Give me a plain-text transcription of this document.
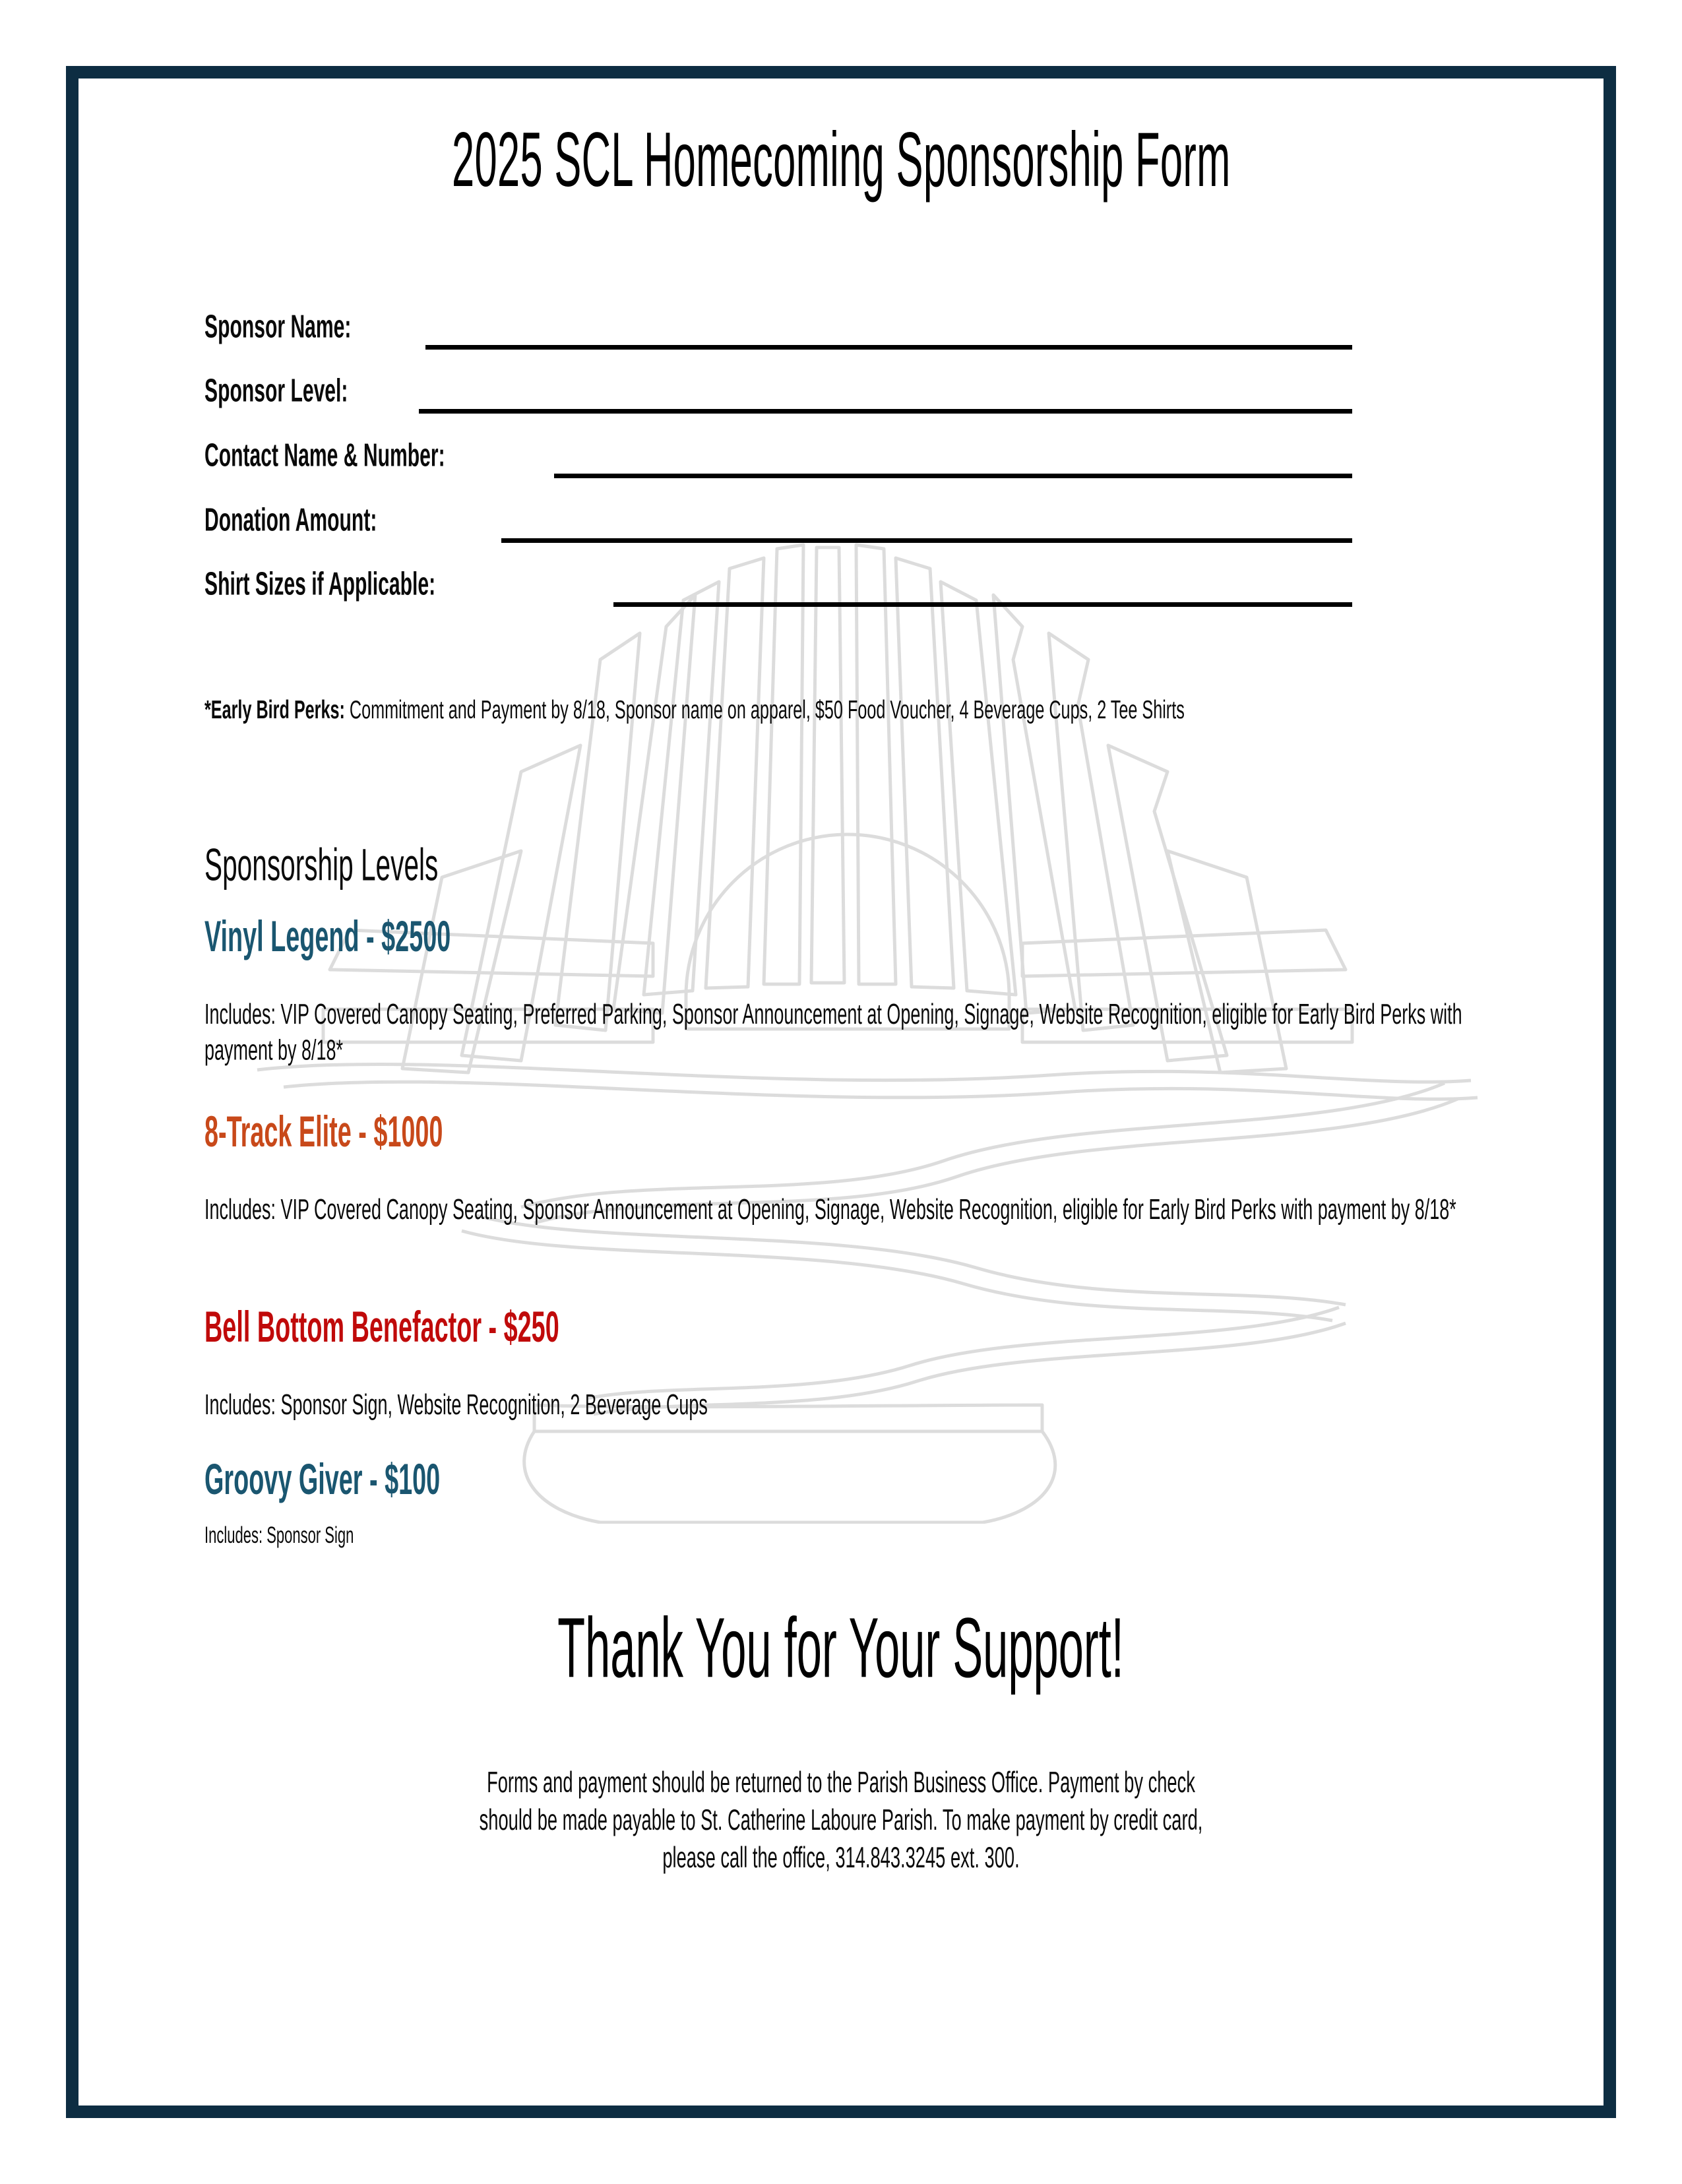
2025 SCL Homecoming Sponsorship Form
Sponsor Name:
Sponsor Level:
Contact Name & Number:
Donation Amount:
Shirt Sizes if Applicable:
*Early Bird Perks: Commitment and Payment by 8/18, Sponsor name on apparel, $50 Food Voucher, 4 Beverage Cups, 2 Tee Shirts
Sponsorship Levels
Vinyl Legend - $2500
Includes: VIP Covered Canopy Seating, Preferred Parking, Sponsor Announcement at Opening, Signage, Website Recognition, eligible for Early Bird Perks with payment by 8/18*
8-Track Elite - $1000
Includes: VIP Covered Canopy Seating, Sponsor Announcement at Opening, Signage, Website Recognition, eligible for Early Bird Perks with payment by 8/18*
Bell Bottom Benefactor - $250
Includes: Sponsor Sign, Website Recognition, 2 Beverage Cups
Groovy Giver - $100
Includes: Sponsor Sign
Thank You for Your Support!
Forms and payment should be returned to the Parish Business Office. Payment by check
should be made payable to St. Catherine Laboure Parish. To make payment by credit card,
please call the office, 314.843.3245 ext. 300.
